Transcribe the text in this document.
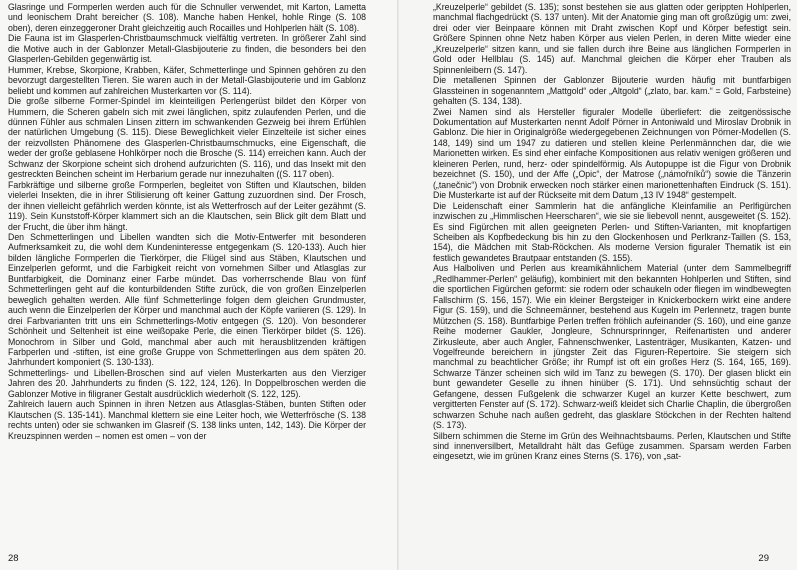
Glasringe und Formperlen werden auch für die Schnuller verwendet, mit Karton, Lametta und leonischem Draht bereicher (S. 108). Manche haben Henkel, hohle Ringe (S. 108 oben), deren einzeggeroner Draht gleichzeitig auch Rocailles und Hohlperlen hält (S. 108).

Die Fauna ist im Glasperlen-Christbaumschmuck vielfältig vertreten. In größerer Zahl sind die Motive auch in der Gablonzer Metall-Glasbijouterie zu finden, die besonders bei den Glasperlen-Gebilden gegenwärtig ist.

Hummer, Krebse, Skorpione, Krabben, Käfer, Schmetterlinge und Spinnen gehören zu den bevorzugt dargestellten Tieren. Sie waren auch in der Metall-Glasbijouterie und im Gablonz beliebt und kommen auf zahlreichen Musterkarten vor (S. 114).

Die große silberne Former-Spindel im kleinteiligen Perlengerüst bildet den Körper von Hummern, die Scheren gabeln sich mit zwei länglichen, spitz zulaufenden Perlen, und die dünnen Fühler aus schmalen Linsen zittern im schwankenden Gezweig bei ihrem Erfühlen der natürlichen Umgebung (S. 115). Diese Beweglichkeit vieler Einzelteile ist sicher eines der reizvollsten Phänomene des Glasperlen-Christbaumschmucks, eine Eigenschaft, die weder der große geblasene Hohlkörper noch die Brosche (S. 114) erreichen kann. Auch der Schwanz der Skorpione scheint sich drohend aufzurichten (S. 116), und das Insekt mit den gestreckten Beinchen scheint im Herbarium gerade nur innezuhalten ((S. 117 oben).

Farbkräftige und silberne große Formperlen, begleitet von Stiften und Klautschen, bilden vielerlei Insekten, die in ihrer Stilisierung oft keiner Gattung zuzuordnen sind. Der Frosch, der ihnen vielleicht gefährlich werden könnte, ist als Wetterfrosch auf der Leiter gezähmt (S. 119). Sein Kunststoff-Körper klammert sich an die Klautschen, sein Blick gilt dem Blatt und der Frucht, die über ihm hängt.

Den Schmetterlingen und Libellen wandten sich die Motiv-Entwerfer mit besonderen Aufmerksamkeit zu, die wohl dem Kundeninteresse entgegenkam (S. 120-133). Auch hier bilden längliche Formperlen die Tierkörper, die Flügel sind aus Stäben, Klautschen und Einzelperlen geformt, und die Farbigkeit reicht von vornehmen Silber und Atlasglas zur Buntfarbigkeit, die Dominanz einer Farbe mündet. Das vorherrschende Blau von fünf Schmetterlingen geht auf die konturbildenden Stifte zurück, die von großen Einzelperlen beweglich gehalten werden. Alle fünf Schmetterlinge folgen dem gleichen Grundmuster, auch wenn die Einzelperlen der Körper und manchmal auch der Köpfe variieren (S. 129). In drei Farbvarianten tritt uns ein Schmetterlings-Motiv entgegen (S. 120). Von besonderer Schönheit und Seltenheit ist eine weißopake Perle, die einen Tierkörper bildet (S. 126). Monochrom in Silber und Gold, manchmal aber auch mit herausblitzenden kräftigen Farbperlen und -stiften, ist eine große Gruppe von Schmetterlingen aus dem späten 20. Jahrhundert komponiert (S. 130-133).

Schmetterlings- und Libellen-Broschen sind auf vielen Musterkarten aus den Vierziger Jahren des 20. Jahrhunderts zu finden (S. 122, 124, 126). In Doppelbroschen werden die Gablonzer Motive in filigraner Gestalt ausdrücklich wiederholt (S. 122, 125).

Zahlreich lauern auch Spinnen in ihren Netzen aus Atlasglas-Stäben, bunten Stiften oder Klautschen (S. 135-141). Manchmal klettern sie eine Leiter hoch, wie Wetterfrösche (S. 138 rechts unten) oder sie schwanken im Glasreif (S. 138 links unten, 142, 143). Die Körper der Kreuzspinnen werden – nomen est omen – von der

28

„Kreuzelperle“ gebildet (S. 135); sonst bestehen sie aus glatten oder gerippten Hohlperlen, manchmal flachgedrückt (S. 137 unten). Mit der Anatomie ging man oft großzügig um: zwei, drei oder vier Beinpaare können mit Draht zwischen Kopf und Körper befestigt sein. Größere Spinnen ohne Netz haben Körper aus vielen Perlen, in deren Mitte wieder eine „Kreuzelperle“ sitzen kann, und sie fallen durch ihre Beine aus länglichen Formperlen in Gold oder Hellblau (S. 145) auf. Manchmal gleichen die Körper eher Trauben als Spinnenleibern (S. 147).

Die metallenen Spinnen der Gablonzer Bijouterie wurden häufig mit buntfarbigen Glassteinen in sogenanntem „Mattgold“ oder „Altgold“ („zlato, bar. kam.“ = Gold, Farbsteine) gehalten (S. 134, 138).

Zwei Namen sind als Hersteller figuraler Modelle überliefert: die zeitgenössische Dokumentation auf Musterkarten nennt Adolf Pörner in Antoniwald und Miroslav Drobnik in Gablonz. Die hier in Originalgröße wiedergegebenen Zeichnungen von Pörner-Modellen (S. 148, 149) sind um 1947 zu datieren und stellen kleine Perlenmännchen dar, die wie Marionetten wirken. Es sind eher einfache Kompositionen aus relativ wenigen größeren und kleineren Perlen, rund, herz- oder spindelförmig. Als Autopuppe ist die Figur von Drobnik bezeichnet (S. 150), und der Affe („Opic“, der Matrose („námořníků“) sowie die Tänzerin („tanečnic“) von Drobnik erwecken noch stärker einen marionettenhaften Eindruck (S. 151). Die Musterkarte ist auf der Rückseite mit dem Datum „13 IV 1948“ gestempelt.

Die Leidenschaft einer Sammlerin hat die anfängliche Kleinfamilie an Perlfigürchen inzwischen zu „Himmlischen Heerscharen“, wie sie sie liebevoll nennt, ausgeweitet (S. 152). Es sind Figürchen mit allen geeigneten Perlen- und Stiften-Varianten, mit knopfartigen Scheiben als Kopfbedeckung bis hin zu den Glockenhosen und Perlkranz-Taillen (S. 153, 154), die Mädchen mit Stab-Röckchen. Als moderne Version figuraler Thematik ist ein festlich gewandetes Brautpaar entstanden (S. 155).

Aus Halboliven und Perlen aus kreamikähnlichem Material (unter dem Sammelbegriff „Redlhammer-Perlen“ geläufig), kombiniert mit den bekannten Hohlperlen und Stiften, sind die sportlichen Figürchen geformt: sie rodern oder schaukeln oder fliegen im windbewegten Fallschirm (S. 156, 157). Wie ein kleiner Bergsteiger in Knickerbockern wirkt eine andere Figur (S. 159), und die Schneemänner, bestehend aus Kugeln im Perlennetz, tragen bunte Mützchen (S. 158). Buntfarbige Perlen treffen fröhlich aufeinander (S. 160), und eine ganze Reihe moderner Gaukler, Jongleure, Schnursprinnger, Reifenartisten und anderer Zirkusleute, aber auch Angler, Fahnenschwenker, Lastenträger, Musikanten, Katzen- und Vogelfreunde bereichern in jüngster Zeit das Figuren-Repertoire. Sie steigern sich manchmal zu beachtlicher Größe; ihr Rumpf ist oft ein großes Herz (S. 164, 165, 169). Schwarze Tänzer scheinen sich wild im Tanz zu bewegen (S. 170). Der glasen blickt ein bunt gewandeter Geselle zu ihnen hinüber (S. 171). Und sehnsüchtig schaut der Gefangene, dessen Fußgelenk die schwarzer Kugel an kurzer Kette beschwert, zum vergitterten Fenster auf (S. 172). Schwarz-weiß kleidet sich Charlie Chaplin, die übergroßen schwarzen Schuhe nach außen gedreht, das glasklare Stöckchen in der Rechten haltend (S. 173).

Silbern schimmen die Sterne im Grün des Weihnachtsbaums. Perlen, Klautschen und Stifte sind innenversilbert, Metalldraht hält das Gefüge zusammen. Sparsam werden Farben eingesetzt, wie im grünen Kranz eines Sterns (S. 176), von „sat-

29
